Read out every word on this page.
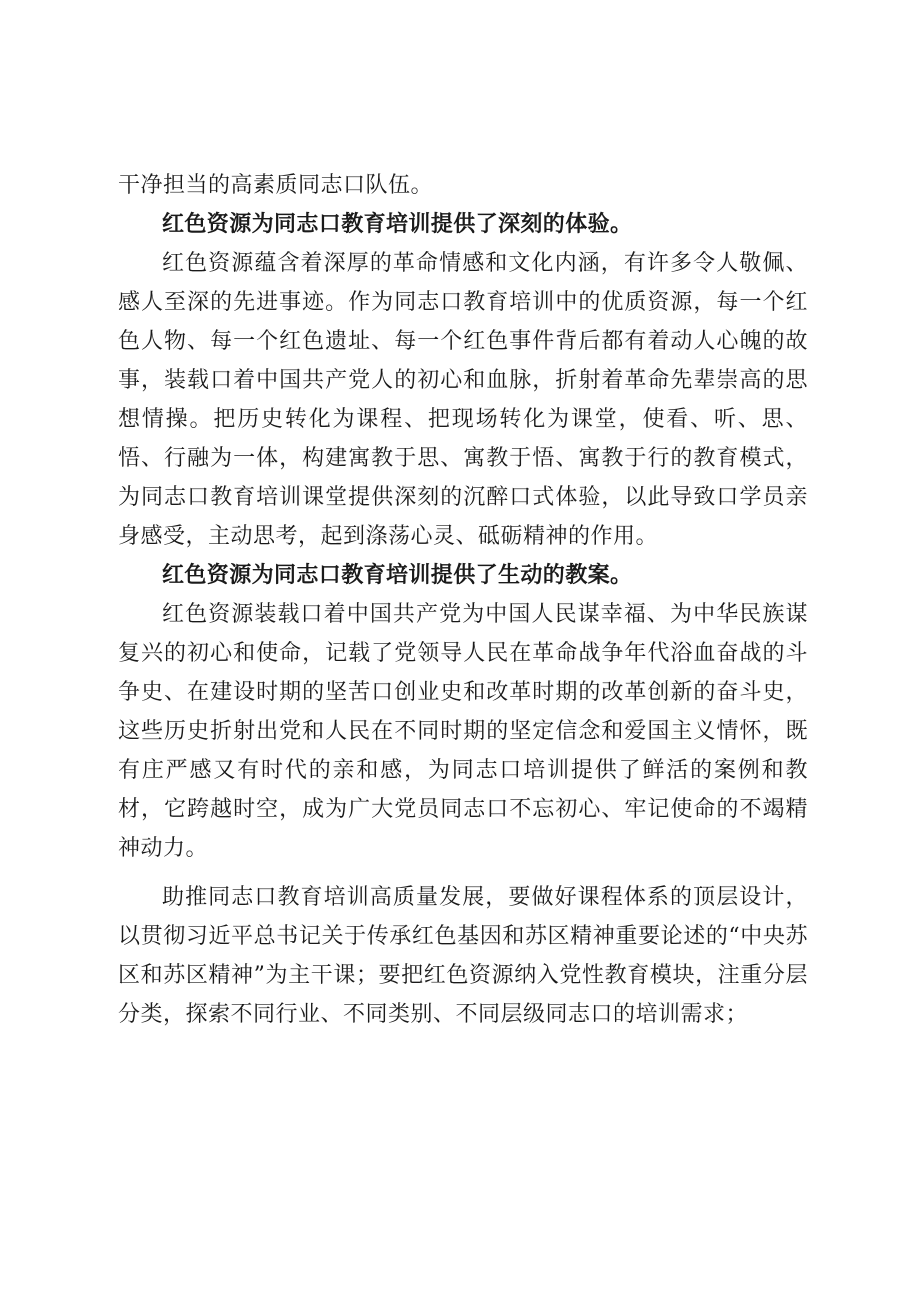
干净担当的高素质同志口队伍。

红色资源为同志口教育培训提供了深刻的体验。

红色资源蕴含着深厚的革命情感和文化内涵，有许多令人敬佩、感人至深的先进事迹。作为同志口教育培训中的优质资源，每一个红色人物、每一个红色遗址、每一个红色事件背后都有着动人心魄的故事，装载口着中国共产党人的初心和血脉，折射着革命先辈崇高的思想情操。把历史转化为课程、把现场转化为课堂，使看、听、思、悟、行融为一体，构建寓教于思、寓教于悟、寓教于行的教育模式，为同志口教育培训课堂提供深刻的沉醉口式体验，以此导致口学员亲身感受，主动思考，起到涤荡心灵、砥砺精神的作用。

红色资源为同志口教育培训提供了生动的教案。

红色资源装载口着中国共产党为中国人民谋幸福、为中华民族谋复兴的初心和使命，记载了党领导人民在革命战争年代浴血奋战的斗争史、在建设时期的坚苦口创业史和改革时期的改革创新的奋斗史，这些历史折射出党和人民在不同时期的坚定信念和爱国主义情怀，既有庄严感又有时代的亲和感，为同志口培训提供了鲜活的案例和教材，它跨越时空，成为广大党员同志口不忘初心、牢记使命的不竭精神动力。

助推同志口教育培训高质量发展，要做好课程体系的顶层设计，以贯彻习近平总书记关于传承红色基因和苏区精神重要论述的“中央苏区和苏区精神”为主干课；要把红色资源纳入党性教育模块，注重分层分类，探索不同行业、不同类别、不同层级同志口的培训需求；
